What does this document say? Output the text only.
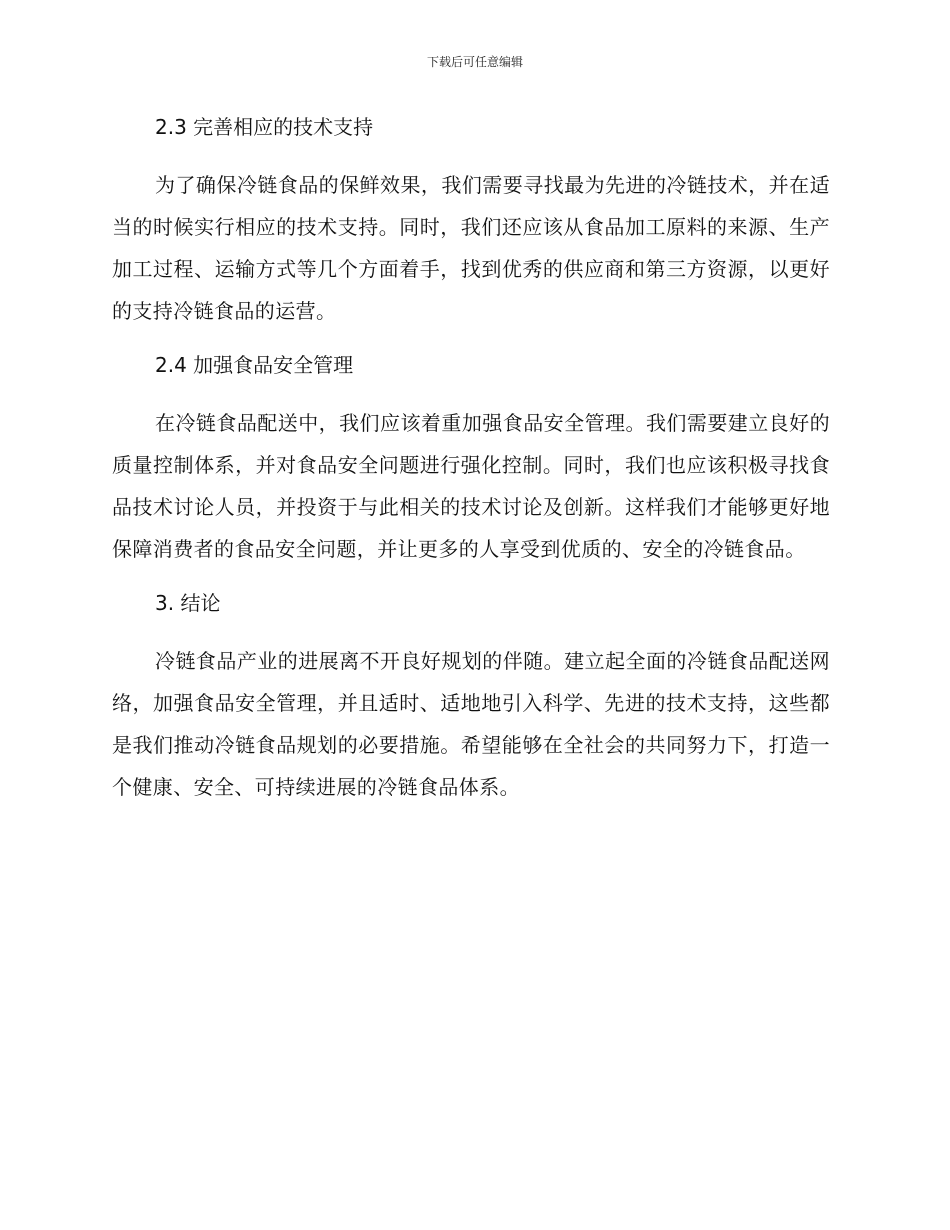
下载后可任意编辑
2.3 完善相应的技术支持

为了确保冷链食品的保鲜效果，我们需要寻找最为先进的冷链技术，并在适当的时候实行相应的技术支持。同时，我们还应该从食品加工原料的来源、生产加工过程、运输方式等几个方面着手，找到优秀的供应商和第三方资源，以更好的支持冷链食品的运营。

2.4 加强食品安全管理

在冷链食品配送中，我们应该着重加强食品安全管理。我们需要建立良好的质量控制体系，并对食品安全问题进行强化控制。同时，我们也应该积极寻找食品技术讨论人员，并投资于与此相关的技术讨论及创新。这样我们才能够更好地保障消费者的食品安全问题，并让更多的人享受到优质的、安全的冷链食品。

3. 结论

冷链食品产业的进展离不开良好规划的伴随。建立起全面的冷链食品配送网络，加强食品安全管理，并且适时、适地地引入科学、先进的技术支持，这些都是我们推动冷链食品规划的必要措施。希望能够在全社会的共同努力下，打造一个健康、安全、可持续进展的冷链食品体系。
